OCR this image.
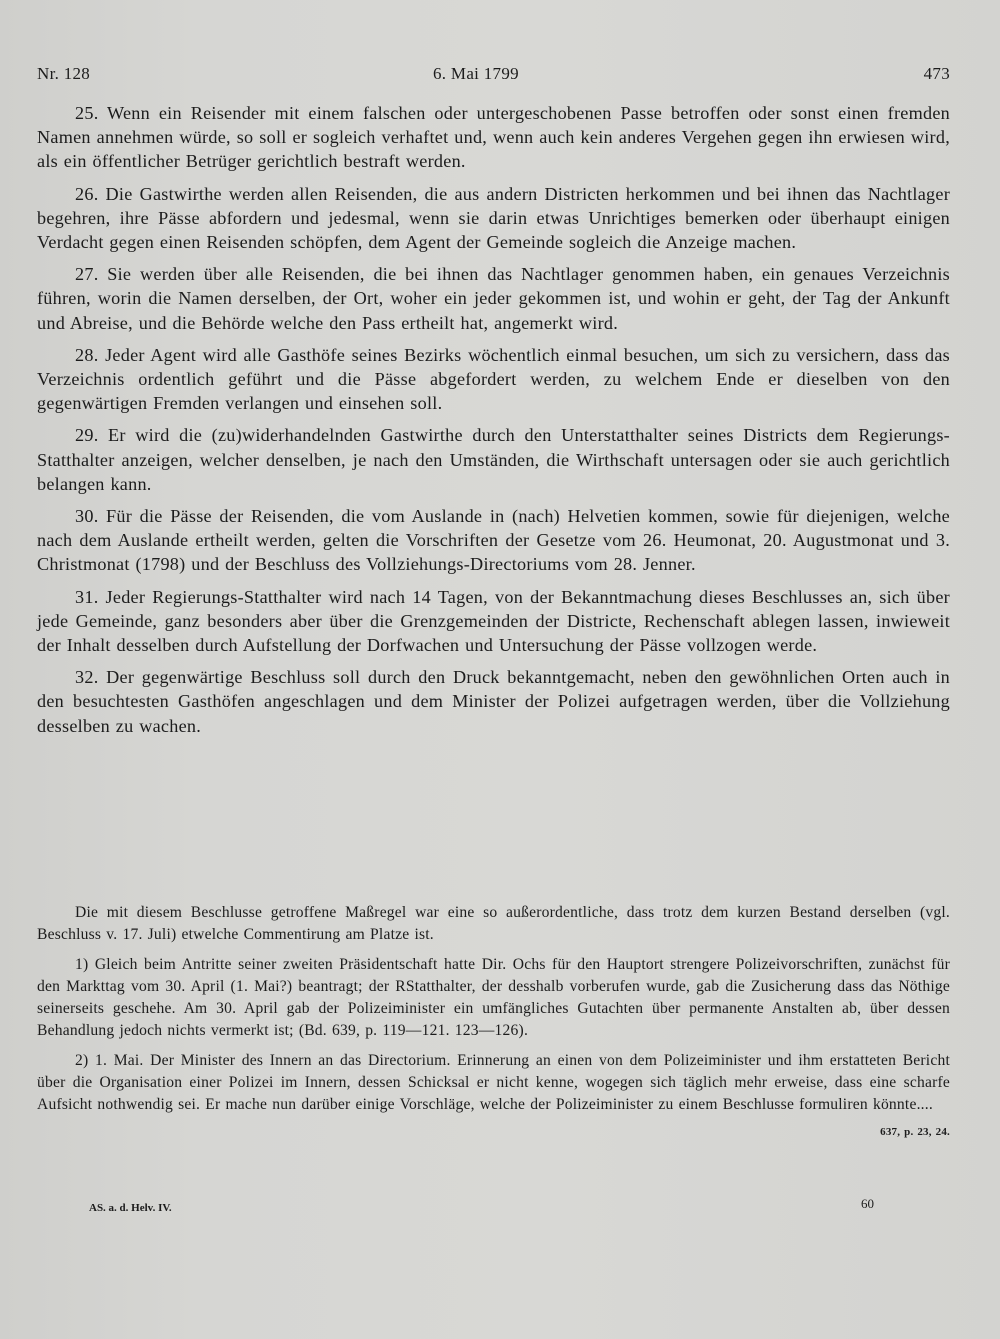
Nr. 128	6. Mai 1799	473

25. Wenn ein Reisender mit einem falschen oder untergeschobenen Passe betroffen oder sonst einen fremden Namen annehmen würde, so soll er sogleich verhaftet und, wenn auch kein anderes Vergehen gegen ihn erwiesen wird, als ein öffentlicher Betrüger gerichtlich bestraft werden.

26. Die Gastwirthe werden allen Reisenden, die aus andern Districten herkommen und bei ihnen das Nachtlager begehren, ihre Pässe abfordern und jedesmal, wenn sie darin etwas Unrichtiges bemerken oder überhaupt einigen Verdacht gegen einen Reisenden schöpfen, dem Agent der Gemeinde sogleich die Anzeige machen.

27. Sie werden über alle Reisenden, die bei ihnen das Nachtlager genommen haben, ein genaues Verzeichnis führen, worin die Namen derselben, der Ort, woher ein jeder gekommen ist, und wohin er geht, der Tag der Ankunft und Abreise, und die Behörde welche den Pass ertheilt hat, angemerkt wird.

28. Jeder Agent wird alle Gasthöfe seines Bezirks wöchentlich einmal besuchen, um sich zu versichern, dass das Verzeichnis ordentlich geführt und die Pässe abgefordert werden, zu welchem Ende er dieselben von den gegenwärtigen Fremden verlangen und einsehen soll.

29. Er wird die (zu)widerhandelnden Gastwirthe durch den Unterstatthalter seines Districts dem Regierungs-Statthalter anzeigen, welcher denselben, je nach den Umständen, die Wirthschaft untersagen oder sie auch gerichtlich belangen kann.

30. Für die Pässe der Reisenden, die vom Auslande in (nach) Helvetien kommen, sowie für diejenigen, welche nach dem Auslande ertheilt werden, gelten die Vorschriften der Gesetze vom 26. Heumonat, 20. Augustmonat und 3. Christmonat (1798) und der Beschluss des Vollziehungs-Directoriums vom 28. Jenner.

31. Jeder Regierungs-Statthalter wird nach 14 Tagen, von der Bekanntmachung dieses Beschlusses an, sich über jede Gemeinde, ganz besonders aber über die Grenzgemeinden der Districte, Rechenschaft ablegen lassen, inwieweit der Inhalt desselben durch Aufstellung der Dorfwachen und Untersuchung der Pässe vollzogen werde.

32. Der gegenwärtige Beschluss soll durch den Druck bekanntgemacht, neben den gewöhnlichen Orten auch in den besuchtesten Gasthöfen angeschlagen und dem Minister der Polizei aufgetragen werden, über die Vollziehung desselben zu wachen.

Die mit diesem Beschlusse getroffene Maßregel war eine so außerordentliche, dass trotz dem kurzen Bestand derselben (vgl. Beschluss v. 17. Juli) etwelche Commentirung am Platze ist.

1) Gleich beim Antritte seiner zweiten Präsidentschaft hatte Dir. Ochs für den Hauptort strengere Polizeivorschriften, zunächst für den Markttag vom 30. April (1. Mai?) beantragt; der RStatthalter, der desshalb vorberufen wurde, gab die Zusicherung dass das Nöthige seinerseits geschehe. Am 30. April gab der Polizeiminister ein umfängliches Gutachten über permanente Anstalten ab, über dessen Behandlung jedoch nichts vermerkt ist; (Bd. 639, p. 119—121. 123—126).

2) 1. Mai. Der Minister des Innern an das Directorium. Erinnerung an einen von dem Polizeiminister und ihm erstatteten Bericht über die Organisation einer Polizei im Innern, dessen Schicksal er nicht kenne, wogegen sich täglich mehr erweise, dass eine scharfe Aufsicht nothwendig sei. Er mache nun darüber einige Vorschläge, welche der Polizeiminister zu einem Beschlusse formuliren könnte....
637, p. 23, 24.

AS. a. d. Helv. IV.	60
